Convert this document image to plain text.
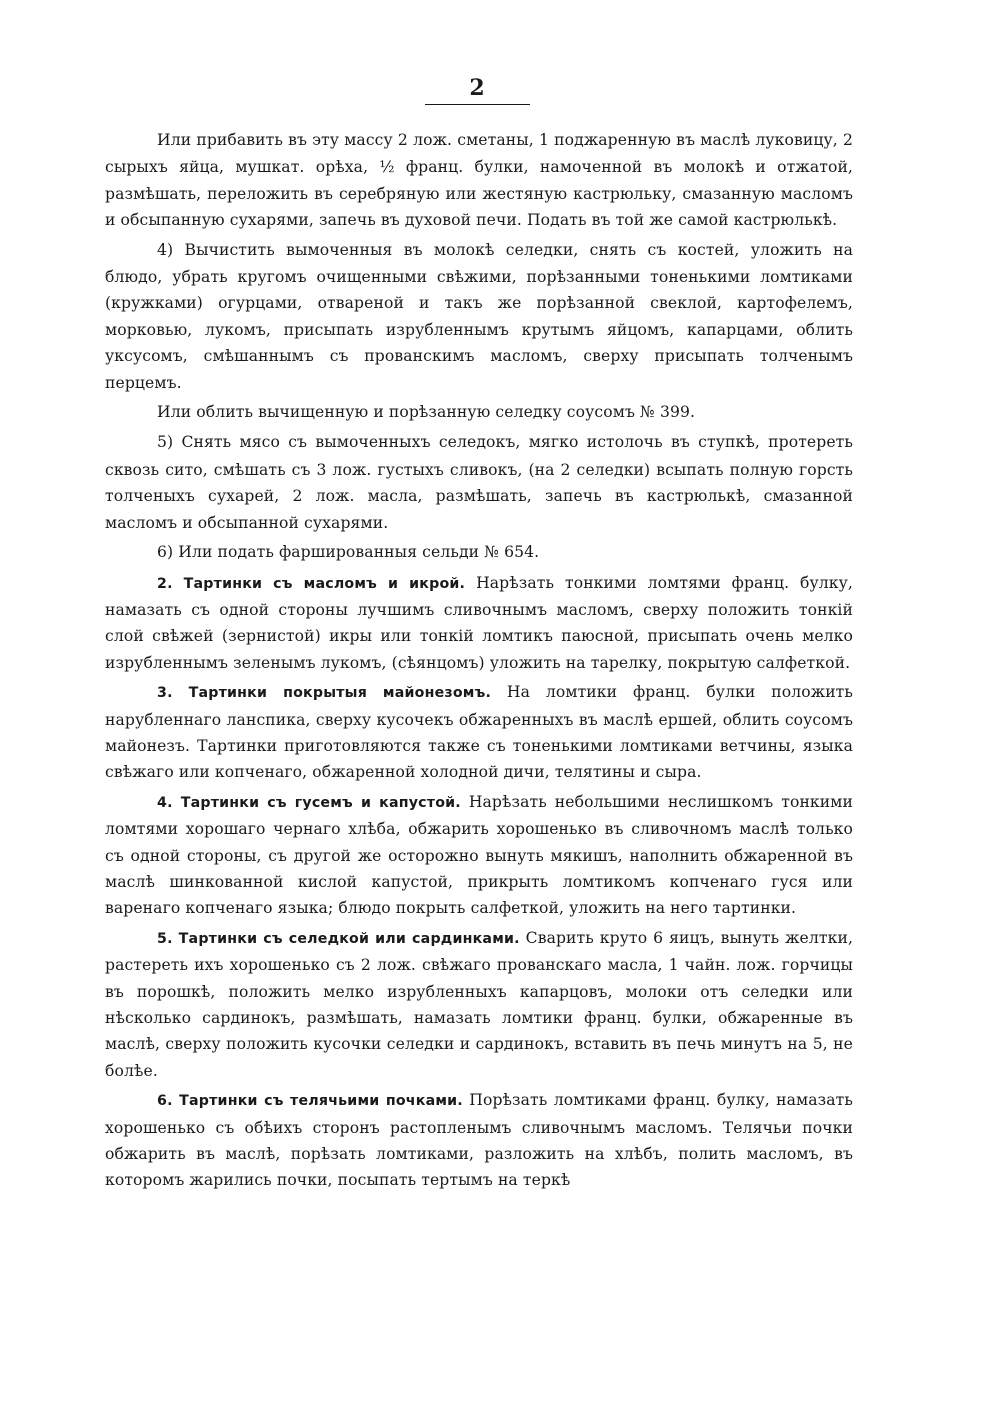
2

Или прибавить въ эту массу 2 лож. сметаны, 1 поджаренную въ маслѣ луковицу, 2 сырыхъ яйца, мушкат. орѣха, ½ франц. булки, намоченной въ молокѣ и отжатой, размѣшать, переложить въ серебряную или жестяную кастрюльку, смазанную масломъ и обсыпанную сухарями, запечь въ духовой печи. Подать въ той же самой кастрюлькѣ.

4) Вычистить вымоченныя въ молокѣ селедки, снять съ костей, уложить на блюдо, убрать кругомъ очищенными свѣжими, порѣзанными тоненькими ломтиками (кружками) огурцами, отвареной и такъ же порѣзанной свеклой, картофелемъ, морковью, лукомъ, присыпать изрубленнымъ крутымъ яйцомъ, капарцами, облить уксусомъ, смѣшаннымъ съ прованскимъ масломъ, сверху присыпать толченымъ перцемъ.

Или облить вычищенную и порѣзанную селедку соусомъ № 399.

5) Снять мясо съ вымоченныхъ селедокъ, мягко истолочь въ ступкѣ, протереть сквозь сито, смѣшать съ 3 лож. густыхъ сливокъ, (на 2 селедки) всыпать полную горсть толченыхъ сухарей, 2 лож. масла, размѣшать, запечь въ кастрюлькѣ, смазанной масломъ и обсыпанной сухарями.

6) Или подать фаршированныя сельди № 654.

2. Тартинки съ масломъ и икрой. Нарѣзать тонкими ломтями франц. булку, намазать съ одной стороны лучшимъ сливочнымъ масломъ, сверху положить тонкій слой свѣжей (зернистой) икры или тонкій ломтикъ паюсной, присыпать очень мелко изрубленнымъ зеленымъ лукомъ, (сѣянцомъ) уложить на тарелку, покрытую салфеткой.

3. Тартинки покрытыя майонезомъ. На ломтики франц. булки положить нарубленнаго ланспика, сверху кусочекъ обжаренныхъ въ маслѣ ершей, облить соусомъ майонезъ. Тартинки приготовляются также съ тоненькими ломтиками ветчины, языка свѣжаго или копченаго, обжаренной холодной дичи, телятины и сыра.

4. Тартинки съ гусемъ и капустой. Нарѣзать небольшими неслишкомъ тонкими ломтями хорошаго чернаго хлѣба, обжарить хорошенько въ сливочномъ маслѣ только съ одной стороны, съ другой же осторожно вынуть мякишъ, наполнить обжаренной въ маслѣ шинкованной кислой капустой, прикрыть ломтикомъ копченаго гуся или варенаго копченаго языка; блюдо покрыть салфеткой, уложить на него тартинки.

5. Тартинки съ селедкой или сардинками. Сварить круто 6 яицъ, вынуть желтки, растереть ихъ хорошенько съ 2 лож. свѣжаго прованскаго масла, 1 чайн. лож. горчицы въ порошкѣ, положить мелко изрубленныхъ капарцовъ, молоки отъ селедки или нѣсколько сардинокъ, размѣшать, намазать ломтики франц. булки, обжаренные въ маслѣ, сверху положить кусочки селедки и сардинокъ, вставить въ печь минутъ на 5, не болѣе.

6. Тартинки съ телячьими почками. Порѣзать ломтиками франц. булку, намазать хорошенько съ обѣихъ сторонъ растопленымъ сливочнымъ масломъ. Телячьи почки обжарить въ маслѣ, порѣзать ломтиками, разложить на хлѣбъ, полить масломъ, въ которомъ жарились почки, посыпать тертымъ на теркѣ
